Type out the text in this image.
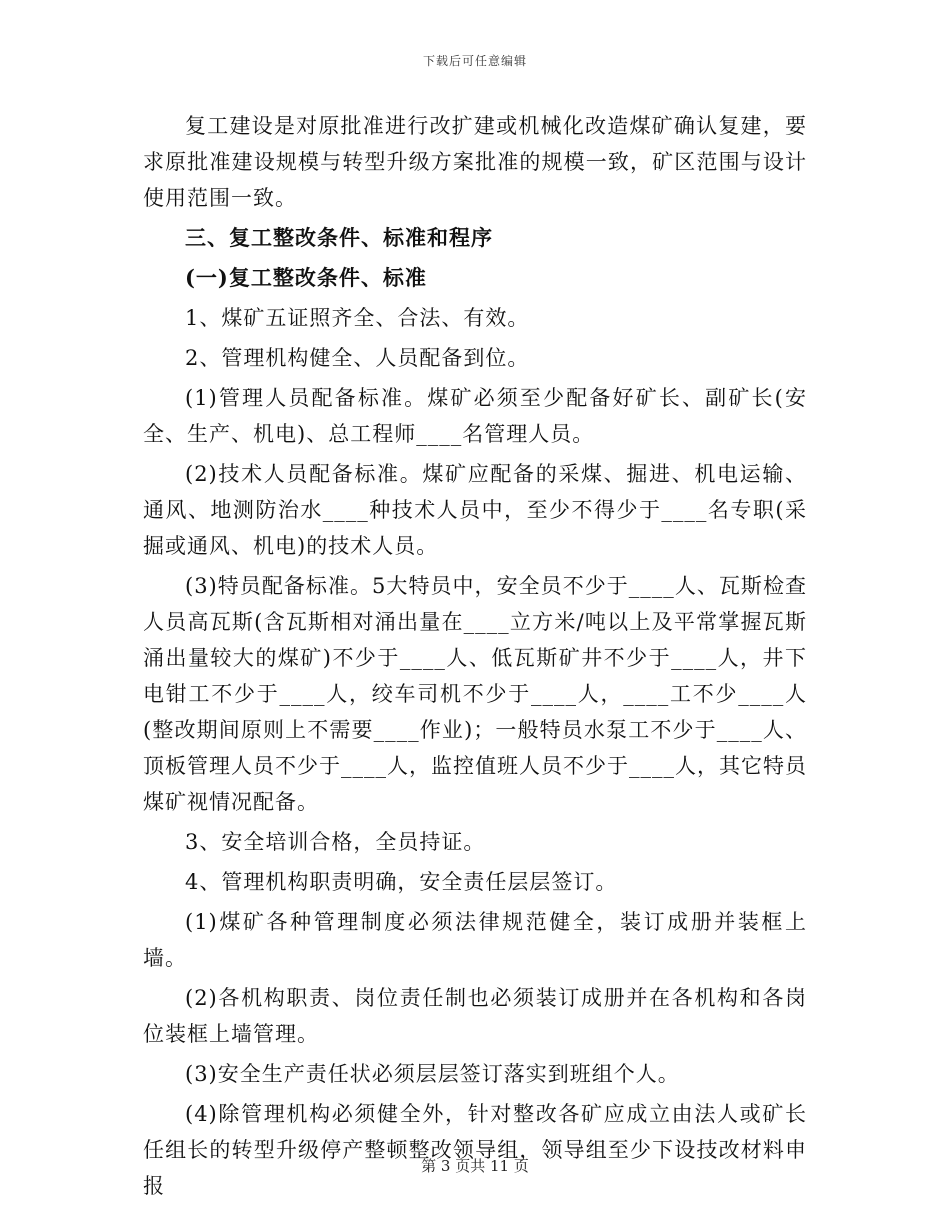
下载后可任意编辑

复工建设是对原批准进行改扩建或机械化改造煤矿确认复建，要求原批准建设规模与转型升级方案批准的规模一致，矿区范围与设计使用范围一致。

三、复工整改条件、标准和程序

(一)复工整改条件、标准

1、煤矿五证照齐全、合法、有效。

2、管理机构健全、人员配备到位。

(1)管理人员配备标准。煤矿必须至少配备好矿长、副矿长(安全、生产、机电)、总工程师____名管理人员。

(2)技术人员配备标准。煤矿应配备的采煤、掘进、机电运输、通风、地测防治水____种技术人员中，至少不得少于____名专职(采掘或通风、机电)的技术人员。

(3)特员配备标准。5大特员中，安全员不少于____人、瓦斯检查人员高瓦斯(含瓦斯相对涌出量在____立方米/吨以上及平常掌握瓦斯涌出量较大的煤矿)不少于____人、低瓦斯矿井不少于____人，井下电钳工不少于____人，绞车司机不少于____人，____工不少____人(整改期间原则上不需要____作业)；一般特员水泵工不少于____人、顶板管理人员不少于____人，监控值班人员不少于____人，其它特员煤矿视情况配备。

3、安全培训合格，全员持证。

4、管理机构职责明确，安全责任层层签订。

(1)煤矿各种管理制度必须法律规范健全，装订成册并装框上墙。

(2)各机构职责、岗位责任制也必须装订成册并在各机构和各岗位装框上墙管理。

(3)安全生产责任状必须层层签订落实到班组个人。

(4)除管理机构必须健全外，针对整改各矿应成立由法人或矿长任组长的转型升级停产整顿整改领导组，领导组至少下设技改材料申报

第 3 页共 11 页
